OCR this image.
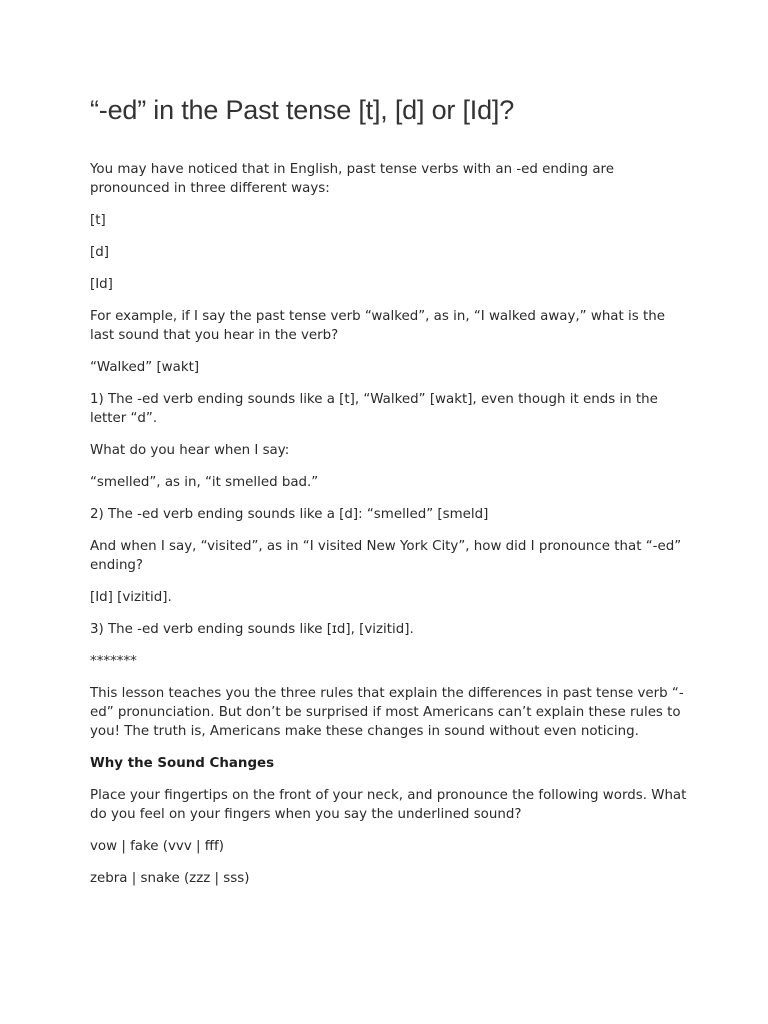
“-ed” in the Past tense [t], [d] or [Id]?

You may have noticed that in English, past tense verbs with an -ed ending are pronounced in three different ways:

[t]

[d]

[Id]

For example, if I say the past tense verb “walked”, as in, “I walked away,” what is the last sound that you hear in the verb?

“Walked” [wakt]

1) The -ed verb ending sounds like a [t], “Walked” [wakt], even though it ends in the letter “d”.

What do you hear when I say:

“smelled”, as in, “it smelled bad.”

2) The -ed verb ending sounds like a [d]: “smelled” [smeld]

And when I say, “visited”, as in “I visited New York City”, how did I pronounce that “-ed” ending?

[Id] [vizitid].

3) The -ed verb ending sounds like [ɪd], [vizitid].

*******

This lesson teaches you the three rules that explain the differences in past tense verb “-ed” pronunciation. But don’t be surprised if most Americans can’t explain these rules to you! The truth is, Americans make these changes in sound without even noticing.

Why the Sound Changes

Place your fingertips on the front of your neck, and pronounce the following words. What do you feel on your fingers when you say the underlined sound?

vow | fake (vvv | fff)

zebra | snake (zzz | sss)
